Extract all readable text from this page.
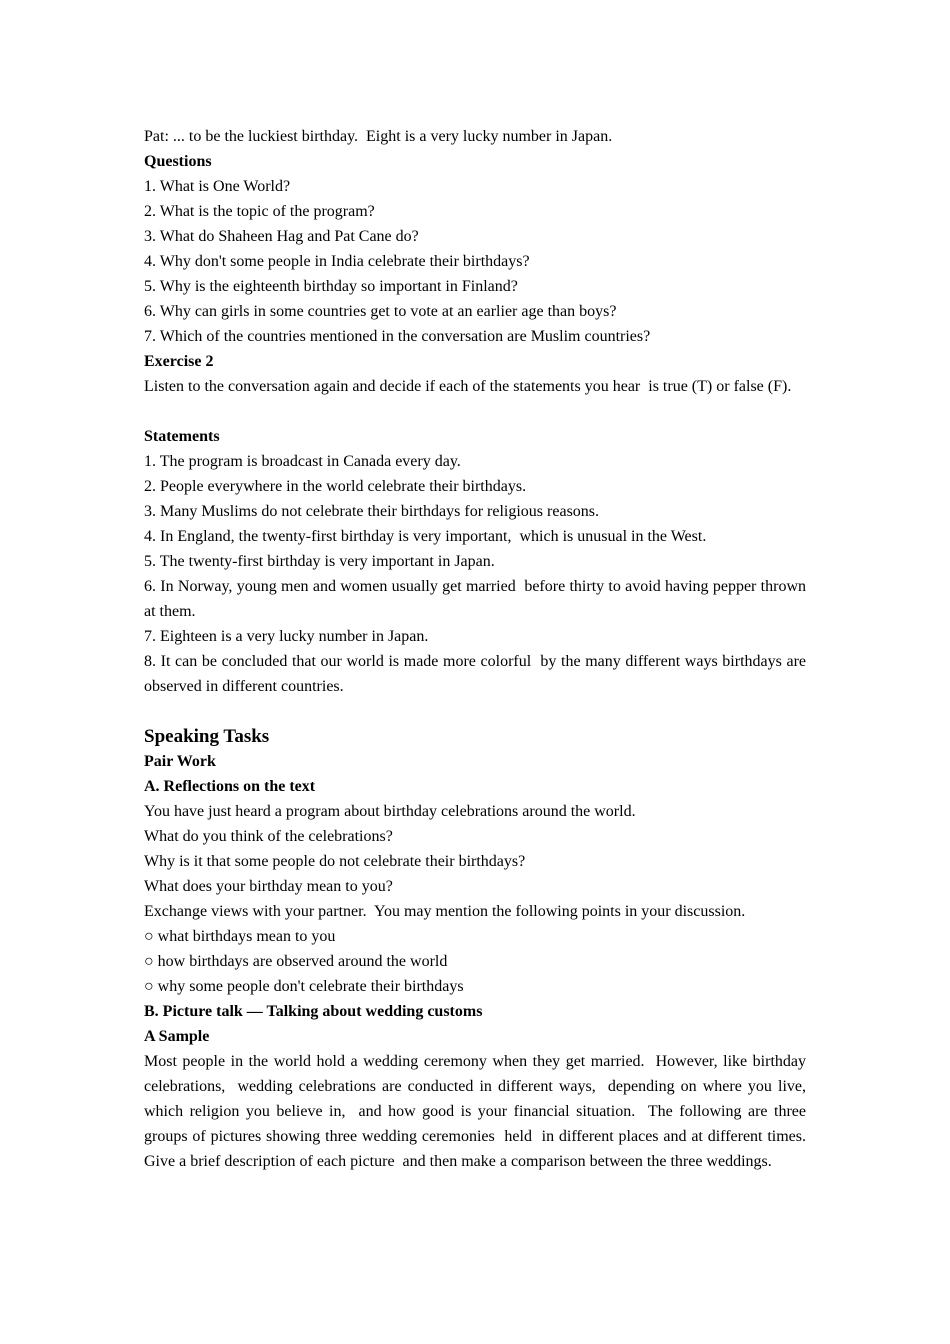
Pat: ... to be the luckiest birthday.  Eight is a very lucky number in Japan.

Questions

1. What is One World?

2. What is the topic of the program?

3. What do Shaheen Hag and Pat Cane do?

4. Why don't some people in India celebrate their birthdays?

5. Why is the eighteenth birthday so important in Finland?

6. Why can girls in some countries get to vote at an earlier age than boys?

7. Which of the countries mentioned in the conversation are Muslim countries?

Exercise 2

Listen to the conversation again and decide if each of the statements you hear  is true (T) or false (F).

Statements

1. The program is broadcast in Canada every day.

2. People everywhere in the world celebrate their birthdays.

3. Many Muslims do not celebrate their birthdays for religious reasons.

4. In England, the twenty-first birthday is very important,  which is unusual in the West.

5. The twenty-first birthday is very important in Japan.

6. In Norway, young men and women usually get married  before thirty to avoid having pepper thrown at them.

7. Eighteen is a very lucky number in Japan.

8. It can be concluded that our world is made more colorful  by the many different ways birthdays are observed in different countries.

Speaking Tasks

Pair Work

A. Reflections on the text

You have just heard a program about birthday celebrations around the world.

What do you think of the celebrations?

Why is it that some people do not celebrate their birthdays?

What does your birthday mean to you?

Exchange views with your partner.  You may mention the following points in your discussion.

○ what birthdays mean to you

○ how birthdays are observed around the world

○ why some people don't celebrate their birthdays

B. Picture talk — Talking about wedding customs

A Sample

Most people in the world hold a wedding ceremony when they get married.  However, like birthday celebrations,  wedding celebrations are conducted in different ways,  depending on where you live, which religion you believe in,  and how good is your financial situation.  The following are three groups of pictures showing three wedding ceremonies  held  in different places and at different times.  Give a brief description of each picture  and then make a comparison between the three weddings.
